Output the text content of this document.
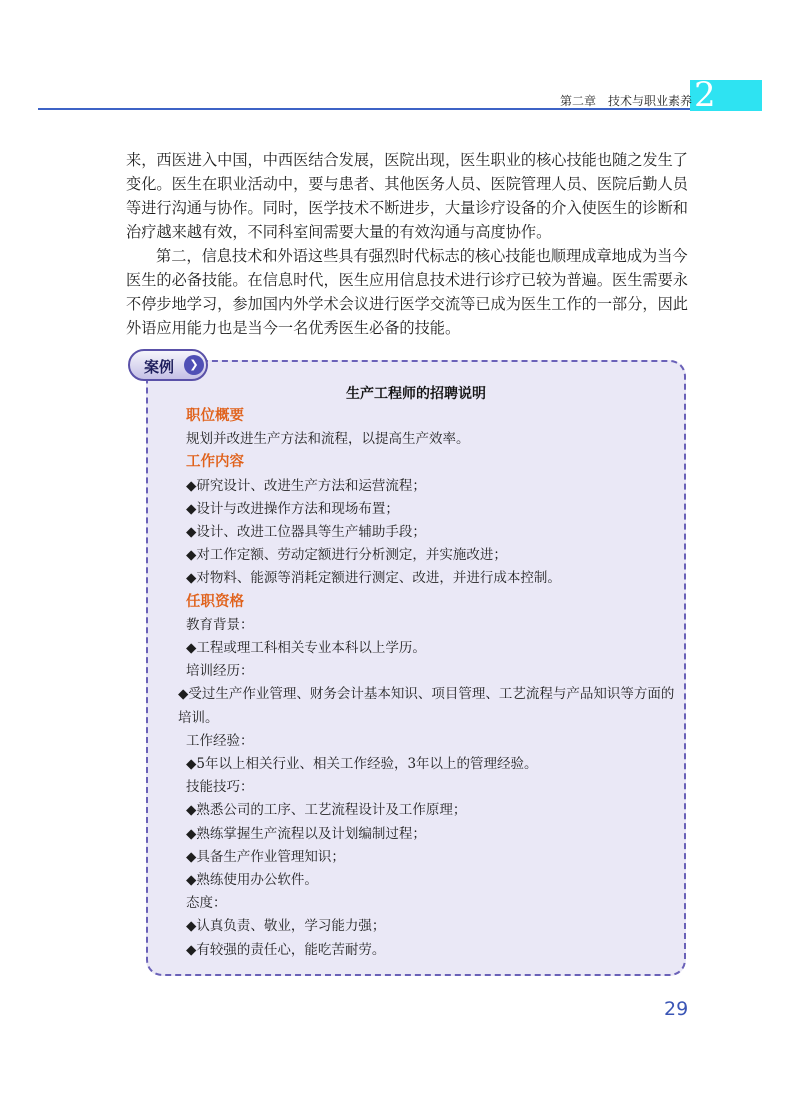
2
第二章　技术与职业素养

来，西医进入中国，中西医结合发展，医院出现，医生职业的核心技能也随之发生了变化。医生在职业活动中，要与患者、其他医务人员、医院管理人员、医院后勤人员等进行沟通与协作。同时，医学技术不断进步，大量诊疗设备的介入使医生的诊断和治疗越来越有效，不同科室间需要大量的有效沟通与高度协作。

第二，信息技术和外语这些具有强烈时代标志的核心技能也顺理成章地成为当今医生的必备技能。在信息时代，医生应用信息技术进行诊疗已较为普遍。医生需要永不停步地学习，参加国内外学术会议进行医学交流等已成为医生工作的一部分，因此外语应用能力也是当今一名优秀医生必备的技能。

案例	❯
生产工程师的招聘说明
职位概要
规划并改进生产方法和流程，以提高生产效率。
工作内容
◆研究设计、改进生产方法和运营流程；
◆设计与改进操作方法和现场布置；
◆设计、改进工位器具等生产辅助手段；
◆对工作定额、劳动定额进行分析测定，并实施改进；
◆对物料、能源等消耗定额进行测定、改进，并进行成本控制。
任职资格
教育背景：
◆工程或理工科相关专业本科以上学历。
培训经历：
◆受过生产作业管理、财务会计基本知识、项目管理、工艺流程与产品知识等方面的培训。
工作经验：
◆5年以上相关行业、相关工作经验，3年以上的管理经验。
技能技巧：
◆熟悉公司的工序、工艺流程设计及工作原理；
◆熟练掌握生产流程以及计划编制过程；
◆具备生产作业管理知识；
◆熟练使用办公软件。
态度：
◆认真负责、敬业，学习能力强；
◆有较强的责任心，能吃苦耐劳。
29
